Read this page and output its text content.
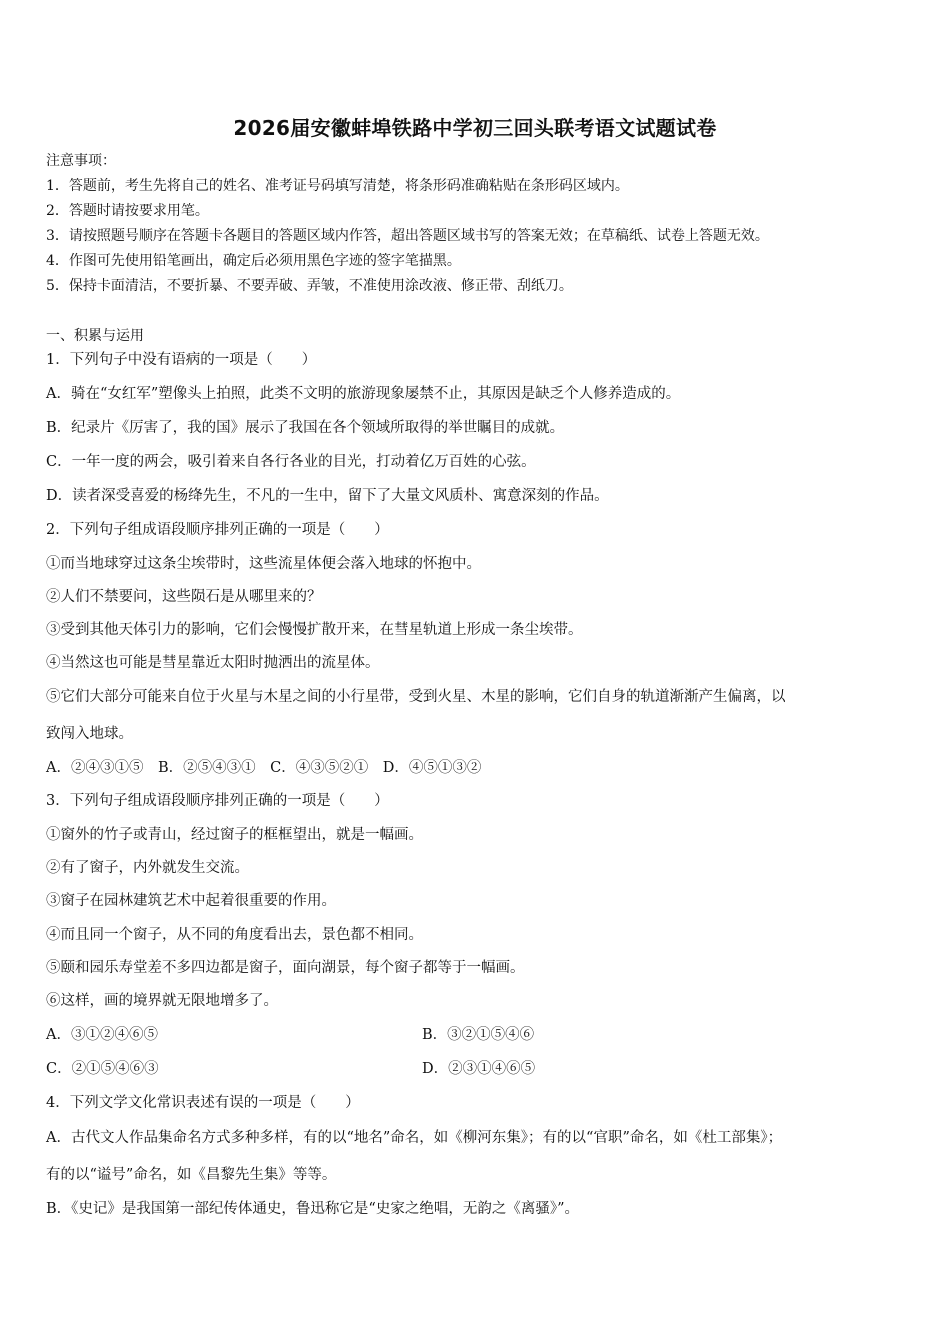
2026届安徽蚌埠铁路中学初三回头联考语文试题试卷
注意事项：
1．答题前，考生先将自己的姓名、准考证号码填写清楚，将条形码准确粘贴在条形码区域内。
2．答题时请按要求用笔。
3．请按照题号顺序在答题卡各题目的答题区域内作答，超出答题区域书写的答案无效；在草稿纸、试卷上答题无效。
4．作图可先使用铅笔画出，确定后必须用黑色字迹的签字笔描黑。
5．保持卡面清洁，不要折暴、不要弄破、弄皱，不准使用涂改液、修正带、刮纸刀。
一、积累与运用
1．下列句子中没有语病的一项是（　　）
A．骑在“女红军”塑像头上拍照，此类不文明的旅游现象屡禁不止，其原因是缺乏个人修养造成的。
B．纪录片《厉害了，我的国》展示了我国在各个领域所取得的举世瞩目的成就。
C．一年一度的两会，吸引着来自各行各业的目光，打动着亿万百姓的心弦。
D．读者深受喜爱的杨绛先生，不凡的一生中，留下了大量文风质朴、寓意深刻的作品。
2．下列句子组成语段顺序排列正确的一项是（　　）
①而当地球穿过这条尘埃带时，这些流星体便会落入地球的怀抱中。
②人们不禁要问，这些陨石是从哪里来的？
③受到其他天体引力的影响，它们会慢慢扩散开来，在彗星轨道上形成一条尘埃带。
④当然这也可能是彗星靠近太阳时抛洒出的流星体。
⑤它们大部分可能来自位于火星与木星之间的小行星带，受到火星、木星的影响，它们自身的轨道渐渐产生偏离，以
致闯入地球。
A．②④③①⑤　B．②⑤④③①　C．④③⑤②①　D．④⑤①③②
3．下列句子组成语段顺序排列正确的一项是（　　）
①窗外的竹子或青山，经过窗子的框框望出，就是一幅画。
②有了窗子，内外就发生交流。
③窗子在园林建筑艺术中起着很重要的作用。
④而且同一个窗子，从不同的角度看出去，景色都不相同。
⑤颐和园乐寿堂差不多四边都是窗子，面向湖景，每个窗子都等于一幅画。
⑥这样，画的境界就无限地增多了。
A．③①②④⑥⑤	B．③②①⑤④⑥
C．②①⑤④⑥③	D．②③①④⑥⑤
4．下列文学文化常识表述有误的一项是（　　）
A．古代文人作品集命名方式多种多样，有的以“地名”命名，如《柳河东集》；有的以“官职”命名，如《杜工部集》；
有的以“谥号”命名，如《昌黎先生集》等等。
B．《史记》是我国第一部纪传体通史，鲁迅称它是“史家之绝唱，无韵之《离骚》”。
